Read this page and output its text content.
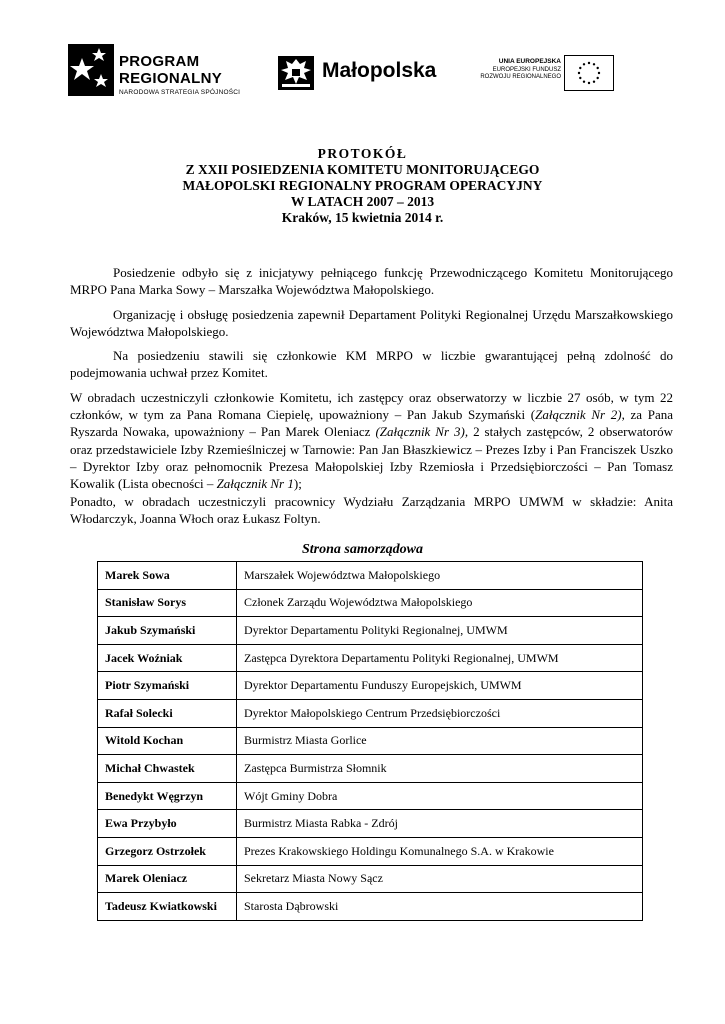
PROGRAM
REGIONALNY
NARODOWA STRATEGIA SPÓJNOŚCI
Małopolska	UNIA EUROPEJSKA
EUROPEJSKI FUNDUSZ
ROZWOJU REGIONALNEGO
PROTOKÓŁ
Z XXII POSIEDZENIA KOMITETU MONITORUJĄCEGO
MAŁOPOLSKI REGIONALNY PROGRAM OPERACYJNY
W LATACH 2007 – 2013
Kraków, 15 kwietnia 2014 r.

Posiedzenie odbyło się z inicjatywy pełniącego funkcję Przewodniczącego Komitetu Monitorującego MRPO Pana Marka Sowy – Marszałka Województwa Małopolskiego.

Organizację i obsługę posiedzenia zapewnił Departament Polityki Regionalnej Urzędu Marszałkowskiego Województwa Małopolskiego.

Na posiedzeniu stawili się członkowie KM MRPO w liczbie gwarantującej pełną zdolność do podejmowania uchwał przez Komitet.

W obradach uczestniczyli członkowie Komitetu, ich zastępcy oraz obserwatorzy w liczbie 27 osób, w tym 22 członków, w tym za Pana Romana Ciepielę, upoważniony – Pan Jakub Szymański (Załącznik Nr 2), za Pana Ryszarda Nowaka, upoważniony – Pan Marek Oleniacz (Załącznik Nr 3), 2 stałych zastępców, 2 obserwatorów oraz przedstawiciele Izby Rzemieślniczej w Tarnowie: Pan Jan Błaszkiewicz – Prezes Izby i Pan Franciszek Uszko – Dyrektor Izby oraz pełnomocnik Prezesa Małopolskiej Izby Rzemiosła i Przedsiębiorczości – Pan Tomasz Kowalik (Lista obecności – Załącznik Nr 1);

Ponadto, w obradach uczestniczyli pracownicy Wydziału Zarządzania MRPO UMWM w składzie: Anita Włodarczyk, Joanna Włoch oraz Łukasz Foltyn.

Strona samorządowa
Marek Sowa	Marszałek Województwa Małopolskiego
Stanisław Sorys	Członek Zarządu Województwa Małopolskiego
Jakub Szymański	Dyrektor Departamentu Polityki Regionalnej, UMWM
Jacek Woźniak	Zastępca Dyrektora Departamentu Polityki Regionalnej, UMWM
Piotr Szymański	Dyrektor Departamentu Funduszy Europejskich, UMWM
Rafał Solecki	Dyrektor Małopolskiego Centrum Przedsiębiorczości
Witold Kochan	Burmistrz Miasta Gorlice
Michał Chwastek	Zastępca Burmistrza Słomnik
Benedykt Węgrzyn	Wójt Gminy Dobra
Ewa Przybyło	Burmistrz Miasta Rabka - Zdrój
Grzegorz Ostrzołek	Prezes Krakowskiego Holdingu Komunalnego S.A. w Krakowie
Marek Oleniacz	Sekretarz Miasta Nowy Sącz
Tadeusz Kwiatkowski	Starosta Dąbrowski
